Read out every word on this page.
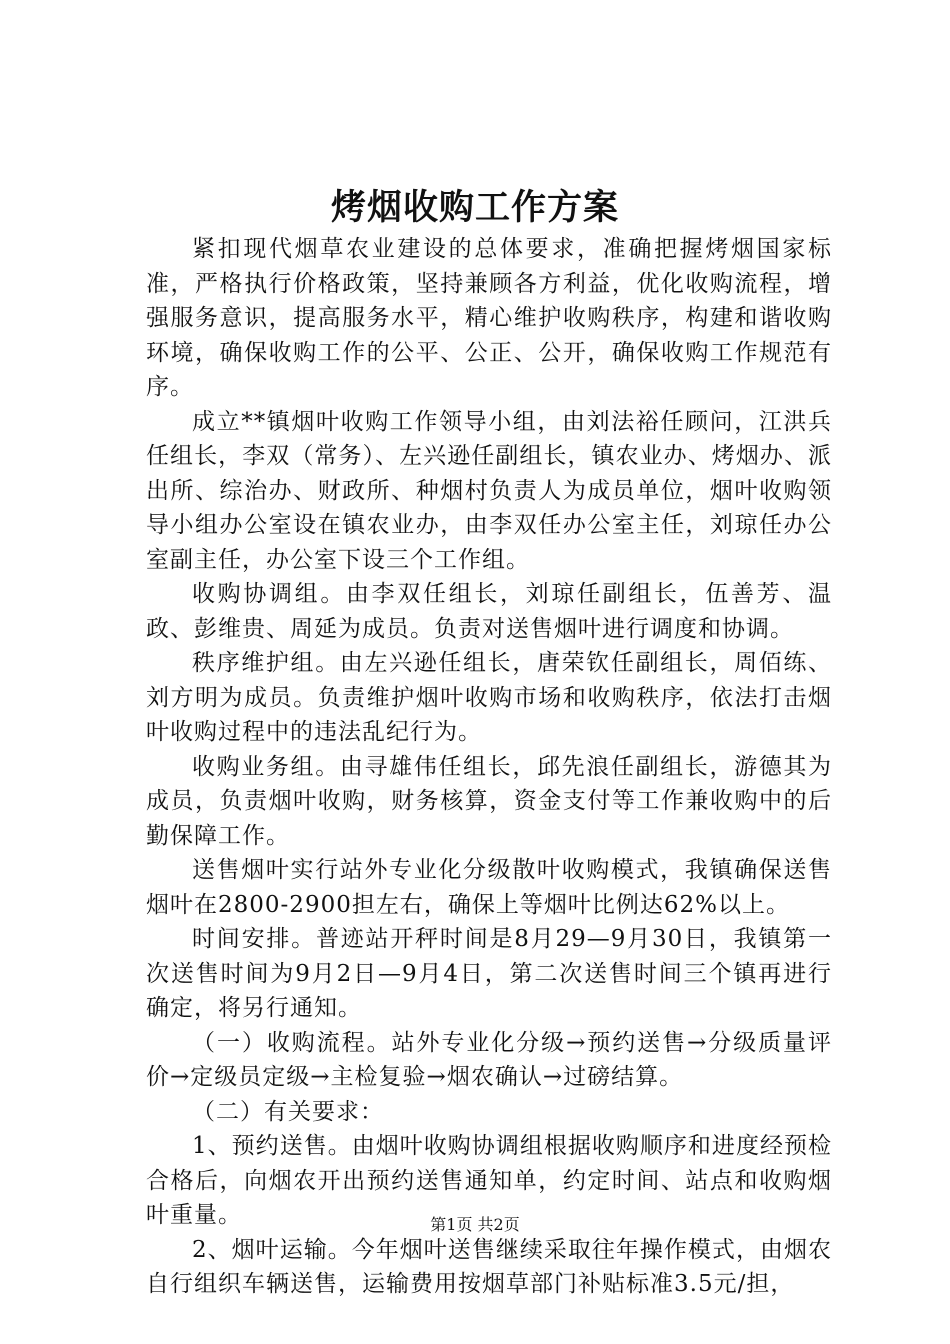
烤烟收购工作方案

紧扣现代烟草农业建设的总体要求，准确把握烤烟国家标准，严格执行价格政策，坚持兼顾各方利益，优化收购流程，增强服务意识，提高服务水平，精心维护收购秩序，构建和谐收购环境，确保收购工作的公平、公正、公开，确保收购工作规范有序。

成立**镇烟叶收购工作领导小组，由刘法裕任顾问，江洪兵任组长，李双（常务）、左兴逊任副组长，镇农业办、烤烟办、派出所、综治办、财政所、种烟村负责人为成员单位，烟叶收购领导小组办公室设在镇农业办，由李双任办公室主任，刘琼任办公室副主任，办公室下设三个工作组。

收购协调组。由李双任组长，刘琼任副组长，伍善芳、温政、彭维贵、周延为成员。负责对送售烟叶进行调度和协调。

秩序维护组。由左兴逊任组长，唐荣钦任副组长，周佰练、刘方明为成员。负责维护烟叶收购市场和收购秩序，依法打击烟叶收购过程中的违法乱纪行为。

收购业务组。由寻雄伟任组长，邱先浪任副组长，游德其为成员，负责烟叶收购，财务核算，资金支付等工作兼收购中的后勤保障工作。

送售烟叶实行站外专业化分级散叶收购模式，我镇确保送售烟叶在2800-2900担左右，确保上等烟叶比例达62%以上。

时间安排。普迹站开秤时间是8月29—9月30日，我镇第一次送售时间为9月2日—9月4日，第二次送售时间三个镇再进行确定，将另行通知。

（一）收购流程。站外专业化分级→预约送售→分级质量评价→定级员定级→主检复验→烟农确认→过磅结算。

（二）有关要求：

1、预约送售。由烟叶收购协调组根据收购顺序和进度经预检合格后，向烟农开出预约送售通知单，约定时间、站点和收购烟叶重量。

2、烟叶运输。今年烟叶送售继续采取往年操作模式，由烟农自行组织车辆送售，运输费用按烟草部门补贴标准3.5元/担，

第1页 共2页
